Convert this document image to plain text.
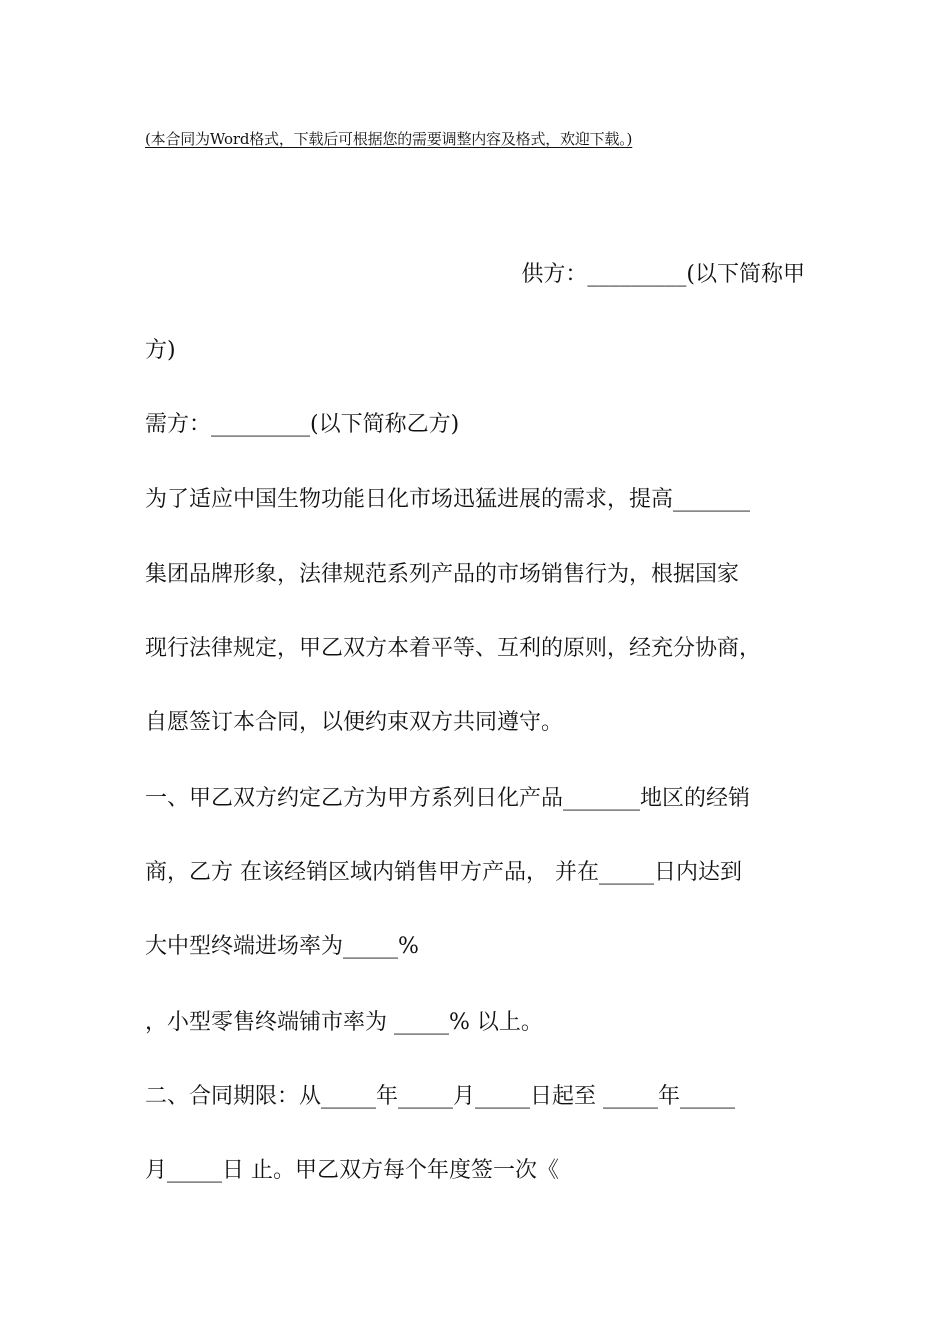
(本合同为Word格式，下载后可根据您的需要调整内容及格式，欢迎下载。)
供方：_________(以下简称甲
方)
需方：_________(以下简称乙方)
为了适应中国生物功能日化市场迅猛进展的需求，提高_______
集团品牌形象，法律规范系列产品的市场销售行为，根据国家
现行法律规定，甲乙双方本着平等、互利的原则，经充分协商，
自愿签订本合同，以便约束双方共同遵守。
一、甲乙双方约定乙方为甲方系列日化产品_______地区的经销
商，乙方 在该经销区域内销售甲方产品， 并在_____日内达到
大中型终端进场率为_____%
，小型零售终端铺市率为 _____% 以上。
二、合同期限：从_____年_____月_____日起至 _____年_____
月_____日 止。甲乙双方每个年度签一次《
